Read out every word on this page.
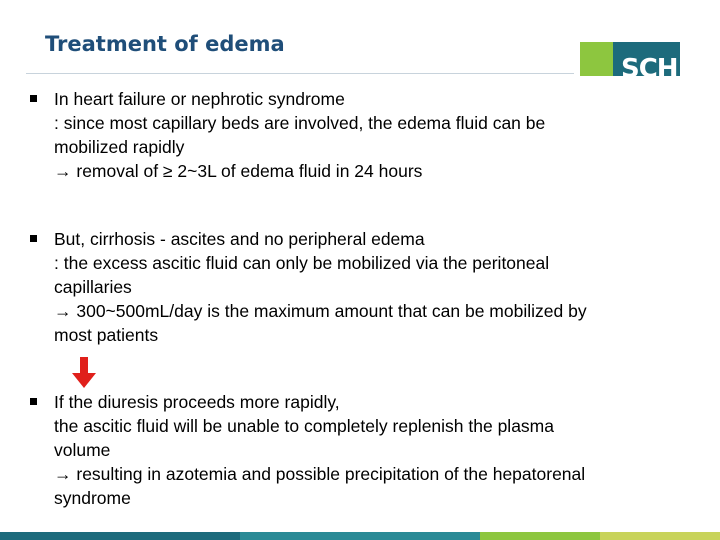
Treatment of edema
SCH
In heart failure or nephrotic syndrome
: since most capillary beds are involved, the edema fluid can be
mobilized rapidly
→ removal of ≥ 2~3L of edema fluid in 24 hours
But, cirrhosis - ascites and no peripheral edema
: the excess ascitic fluid can only be mobilized via the peritoneal
capillaries
→ 300~500mL/day is the maximum amount that can be mobilized by
most patients
If the diuresis proceeds more rapidly,
the ascitic fluid will be unable to completely replenish the plasma
volume
→ resulting in azotemia and possible precipitation of the hepatorenal
syndrome
